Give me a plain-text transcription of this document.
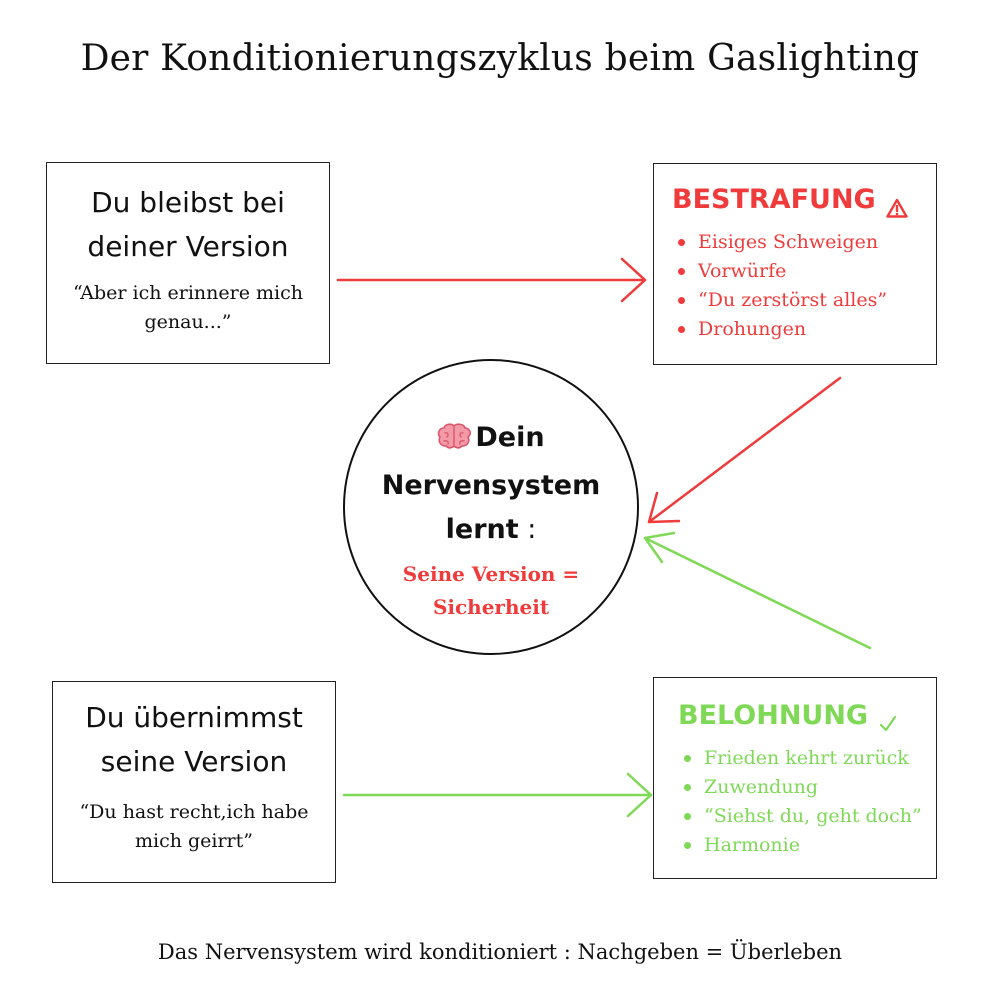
Der Konditionierungszyklus beim Gaslighting
Du bleibst bei
deiner Version
“Aber ich erinnere mich
genau...”
BESTRAFUNG
Eisiges Schweigen
Vorwürfe
“Du zerstörst alles”
Drohungen
Dein
Nervensystem
lernt :
Seine Version =
Sicherheit
Du übernimmst
seine Version
“Du hast recht,ich habe
mich geirrt”
BELOHNUNG
Frieden kehrt zurück
Zuwendung
“Siehst du, geht doch”
Harmonie
Das Nervensystem wird konditioniert : Nachgeben = Überleben
